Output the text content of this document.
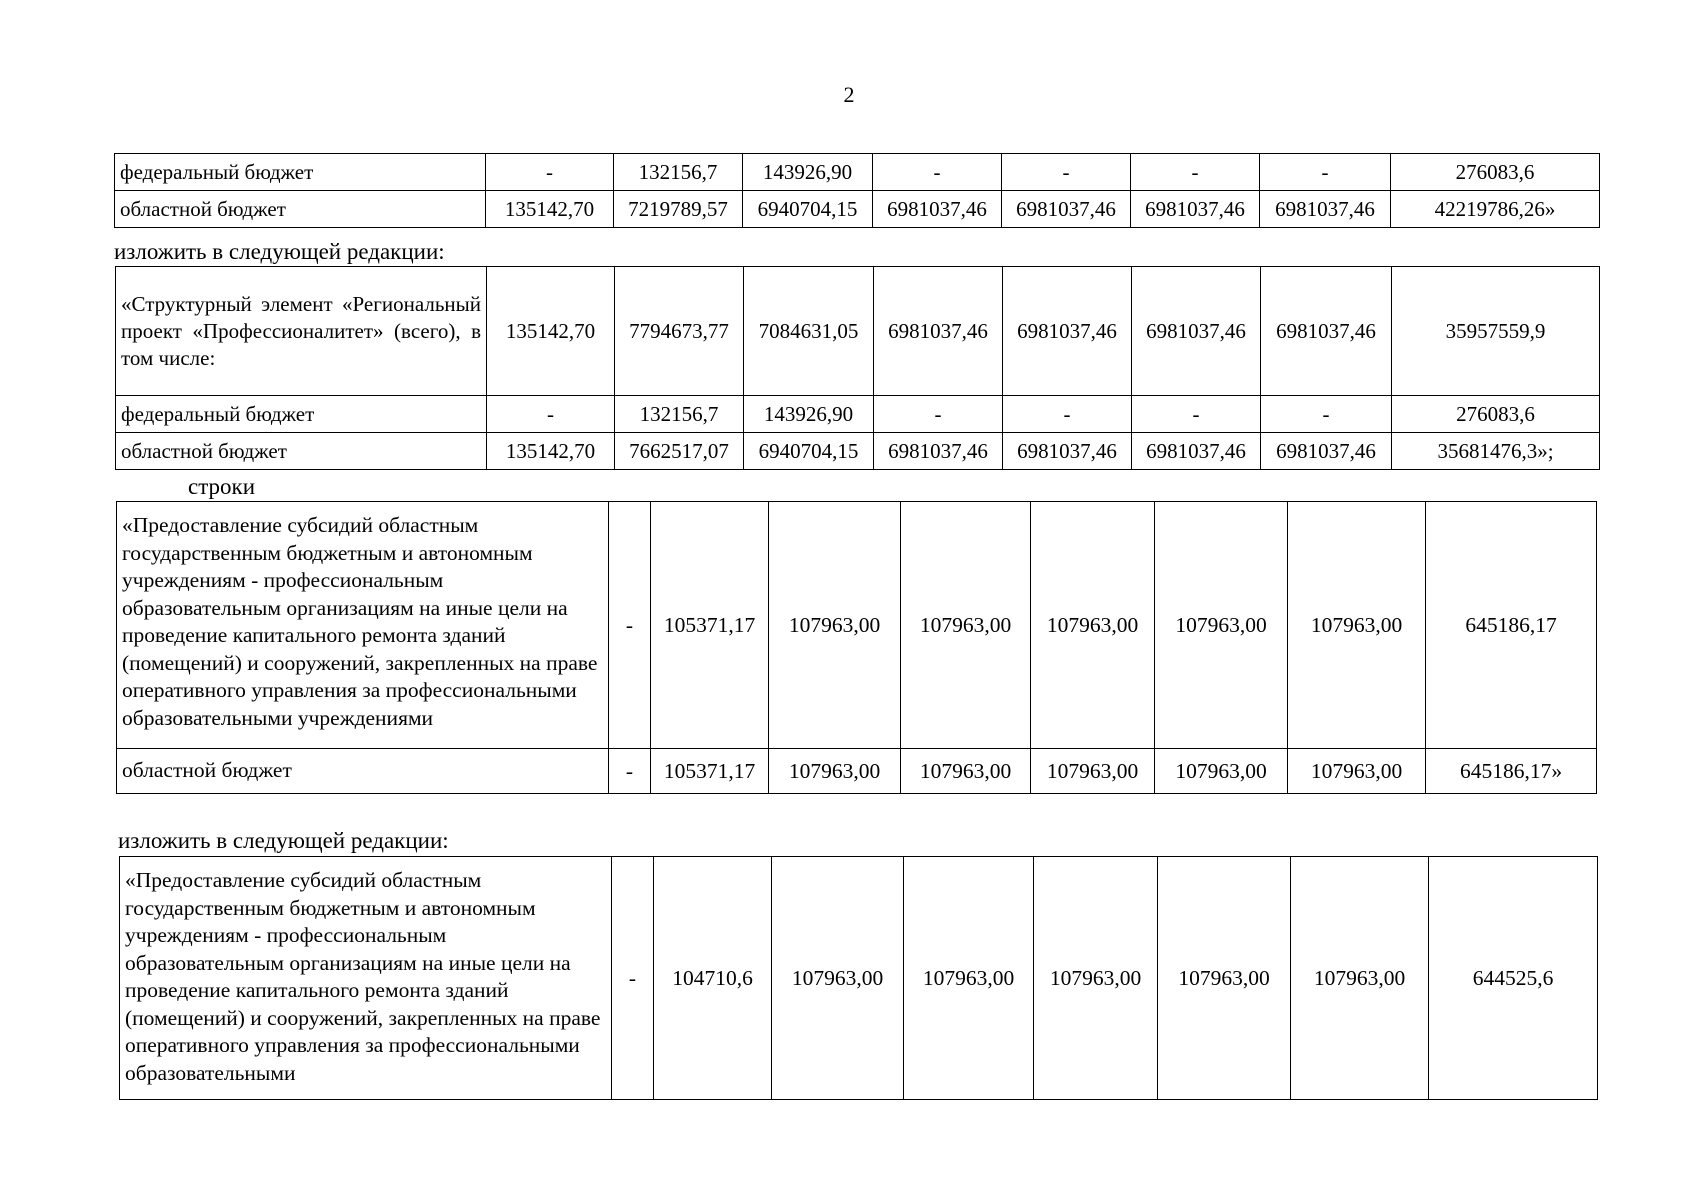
2
федеральный бюджет	-	132156,7	143926,90	-	-	-	-	276083,6
областной бюджет	135142,70	7219789,57	6940704,15	6981037,46	6981037,46	6981037,46	6981037,46	42219786,26»
изложить в следующей редакции:
«Структурный элемент «Региональный проект «Профессионалитет» (всего), в том числе:	135142,70	7794673,77	7084631,05	6981037,46	6981037,46	6981037,46	6981037,46	35957559,9
федеральный бюджет	-	132156,7	143926,90	-	-	-	-	276083,6
областной бюджет	135142,70	7662517,07	6940704,15	6981037,46	6981037,46	6981037,46	6981037,46	35681476,3»;
строки
«Предоставление субсидий областным государственным бюджетным и автономным учреждениям - профессиональным образовательным организациям на иные цели на проведение капитального ремонта зданий (помещений) и сооружений, закрепленных на праве оперативного управления за профессиональными образовательными учреждениями	-	105371,17	107963,00	107963,00	107963,00	107963,00	107963,00	645186,17
областной бюджет	-	105371,17	107963,00	107963,00	107963,00	107963,00	107963,00	645186,17»
изложить в следующей редакции:
«Предоставление субсидий областным государственным бюджетным и автономным учреждениям - профессиональным образовательным организациям на иные цели на проведение капитального ремонта зданий (помещений) и сооружений, закрепленных на праве оперативного управления за профессиональными образовательными	-	104710,6	107963,00	107963,00	107963,00	107963,00	107963,00	644525,6
